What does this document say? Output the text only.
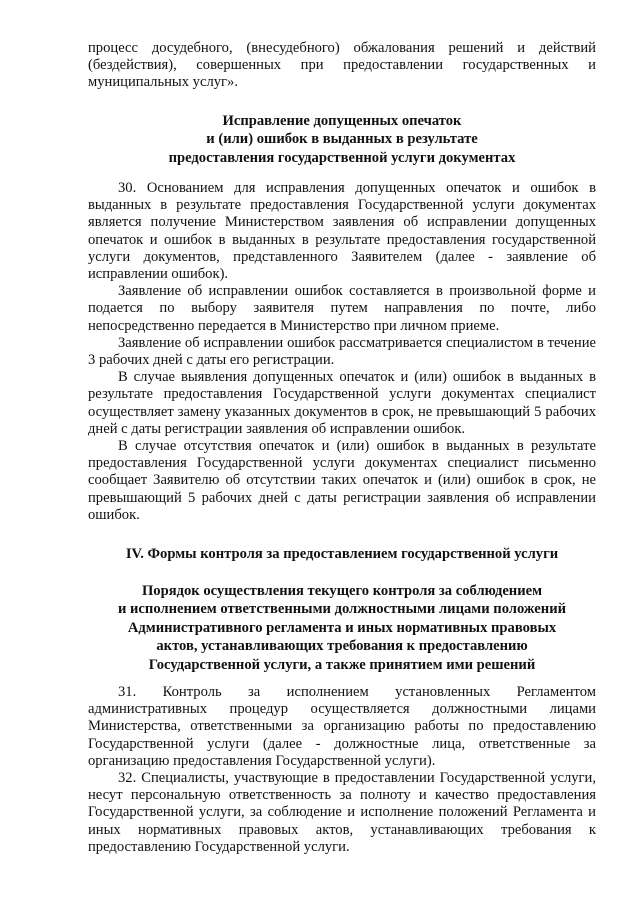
процесс досудебного, (внесудебного) обжалования решений и действий (бездействия), совершенных при предоставлении государственных и муниципальных услуг».

Исправление допущенных опечаток
и (или) ошибок в выданных в результате
предоставления государственной услуги документах

30. Основанием для исправления допущенных опечаток и ошибок в выданных в результате предоставления Государственной услуги документах является получение Министерством заявления об исправлении допущенных опечаток и ошибок в выданных в результате предоставления государственной услуги документов, представленного Заявителем (далее - заявление об исправлении ошибок).

Заявление об исправлении ошибок составляется в произвольной форме и подается по выбору заявителя путем направления по почте, либо непосредственно передается в Министерство при личном приеме.

Заявление об исправлении ошибок рассматривается специалистом в течение 3 рабочих дней с даты его регистрации.

В случае выявления допущенных опечаток и (или) ошибок в выданных в результате предоставления Государственной услуги документах специалист осуществляет замену указанных документов в срок, не превышающий 5 рабочих дней с даты регистрации заявления об исправлении ошибок.

В случае отсутствия опечаток и (или) ошибок в выданных в результате предоставления Государственной услуги документах специалист письменно сообщает Заявителю об отсутствии таких опечаток и (или) ошибок в срок, не превышающий 5 рабочих дней с даты регистрации заявления об исправлении ошибок.

IV. Формы контроля за предоставлением государственной услуги
Порядок осуществления текущего контроля за соблюдением
и исполнением ответственными должностными лицами положений
Административного регламента и иных нормативных правовых
актов, устанавливающих требования к предоставлению
Государственной услуги, а также принятием ими решений

31. Контроль за исполнением установленных Регламентом административных процедур осуществляется должностными лицами Министерства, ответственными за организацию работы по предоставлению Государственной услуги (далее - должностные лица, ответственные за организацию предоставления Государственной услуги).

32. Специалисты, участвующие в предоставлении Государственной услуги, несут персональную ответственность за полноту и качество предоставления Государственной услуги, за соблюдение и исполнение положений Регламента и иных нормативных правовых актов, устанавливающих требования к предоставлению Государственной услуги.
